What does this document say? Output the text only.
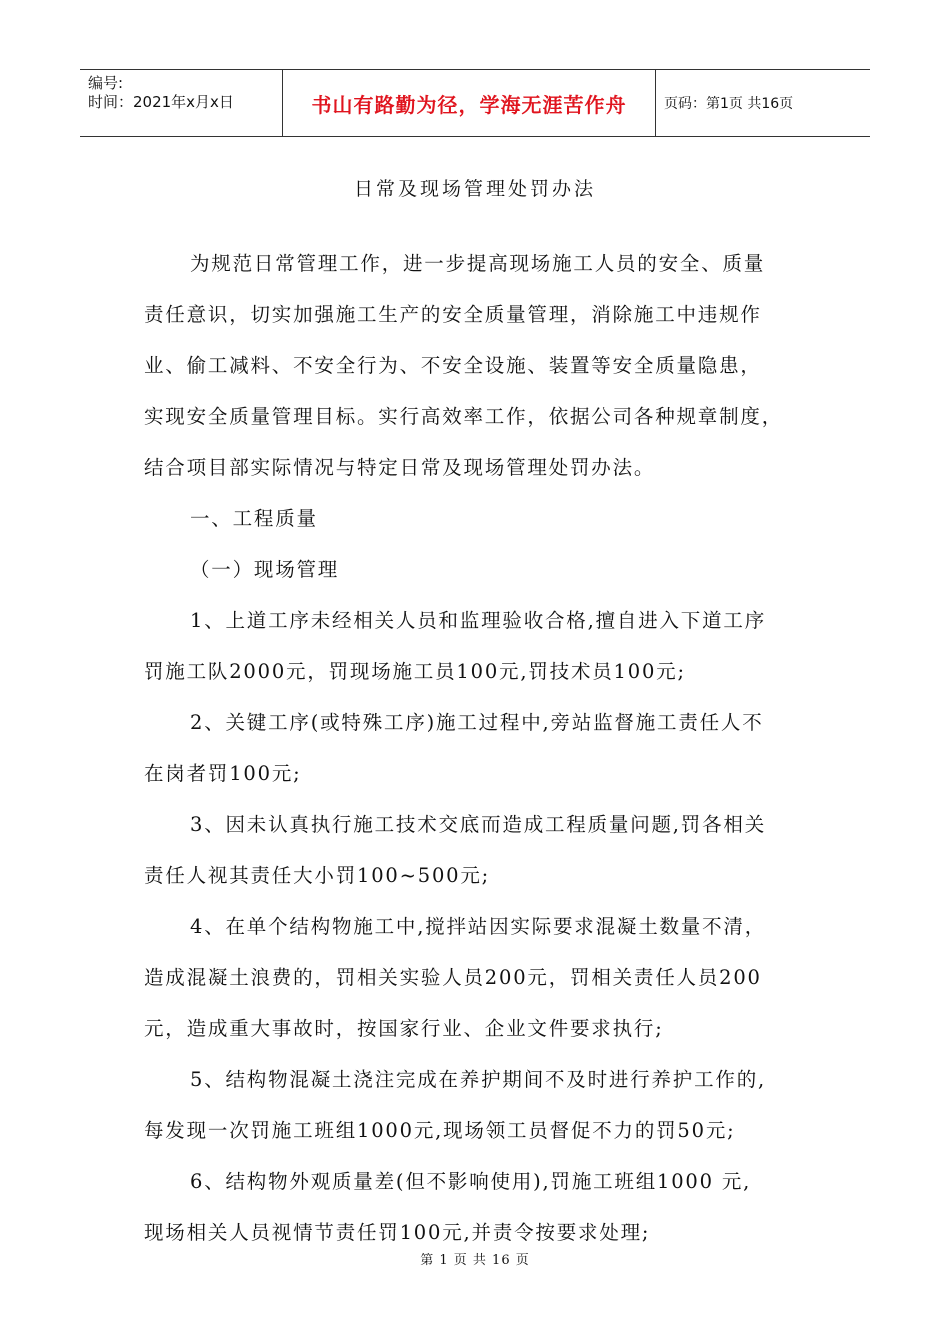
编号:
时间：2021年x月x日	书山有路勤为径，学海无涯苦作舟	页码：第1页 共16页
日常及现场管理处罚办法

为规范日常管理工作，进一步提高现场施工人员的安全、质量

责任意识，切实加强施工生产的安全质量管理，消除施工中违规作

业、偷工减料、不安全行为、不安全设施、装置等安全质量隐患，

实现安全质量管理目标。实行高效率工作，依据公司各种规章制度，

结合项目部实际情况与特定日常及现场管理处罚办法。

一、工程质量

（一）现场管理

1、上道工序未经相关人员和监理验收合格,擅自进入下道工序

罚施工队2000元，罚现场施工员100元,罚技术员100元;

2、关键工序(或特殊工序)施工过程中,旁站监督施工责任人不

在岗者罚100元;

3、因未认真执行施工技术交底而造成工程质量问题,罚各相关

责任人视其责任大小罚100~500元;

4、在单个结构物施工中,搅拌站因实际要求混凝土数量不清，

造成混凝土浪费的，罚相关实验人员200元，罚相关责任人员200

元，造成重大事故时，按国家行业、企业文件要求执行;

5、结构物混凝土浇注完成在养护期间不及时进行养护工作的,

每发现一次罚施工班组1000元,现场领工员督促不力的罚50元;

6、结构物外观质量差(但不影响使用),罚施工班组1000 元,

现场相关人员视情节责任罚100元,并责令按要求处理;

第 1 页 共 16 页
